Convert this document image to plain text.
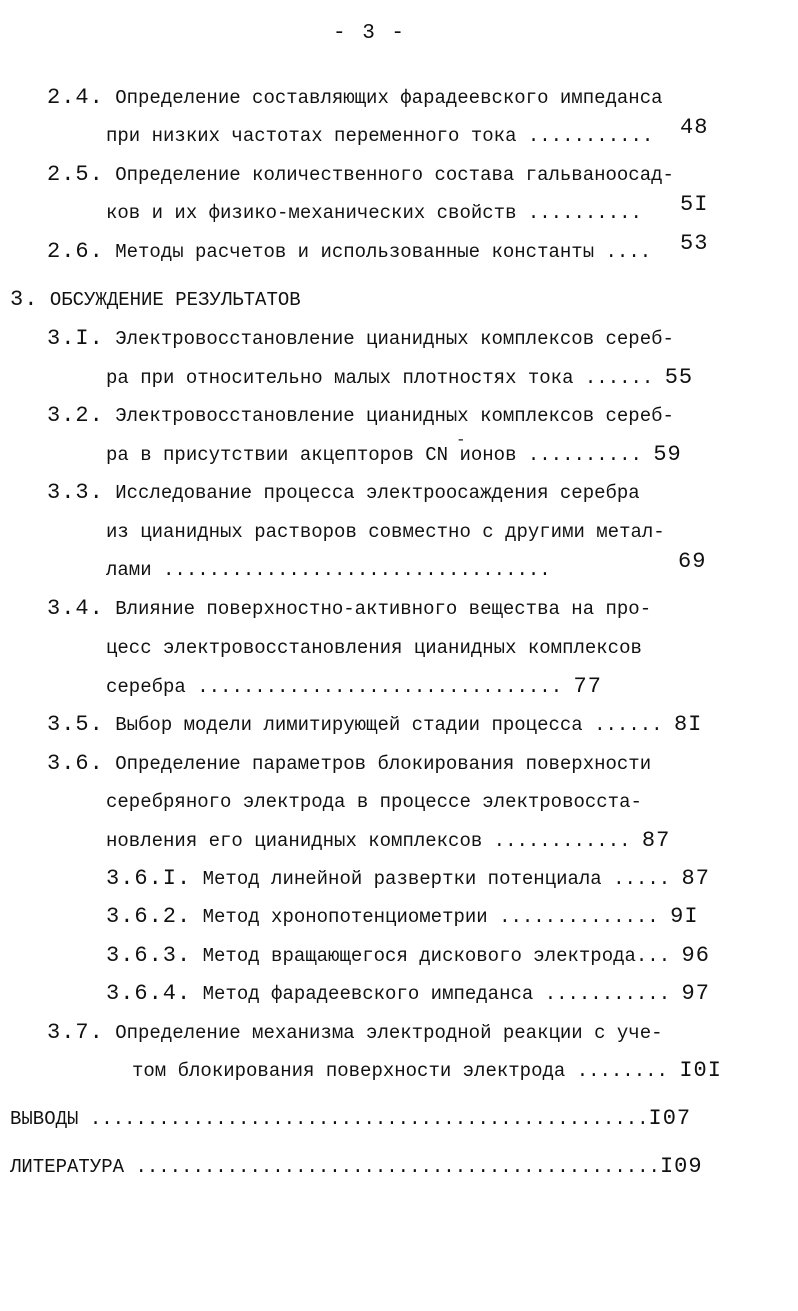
- 3 -
2.4. Определение составляющих фарадеевского импеданса
при низких частотах переменного тока ........... 48
2.5. Определение количественного состава гальваноосад-
ков и их физико-механических свойств .......... 5I
2.6. Методы расчетов и использованные константы .... 53
3. ОБСУЖДЕНИЕ РЕЗУЛЬТАТОВ
3.I. Электровосстановление цианидных комплексов сереб-
ра при относительно малых плотностях тока ...... 55
3.2. Электровосстановление цианидных комплексов сереб-
ра в присутствии акцепторов CN ионов .......... 59
-
3.3. Исследование процесса электроосаждения серебра
из цианидных растворов совместно с другими метал-
лами ..................................	69
3.4. Влияние поверхностно-активного вещества на про-
цесс электровосстановления цианидных комплексов
серебра ................................ 77
3.5. Выбор модели лимитирующей стадии процесса ...... 8I
3.6. Определение параметров блокирования поверхности
серебряного электрода в процессе электровосста-
новления его цианидных комплексов ............ 87
3.6.I. Метод линейной развертки потенциала ..... 87
3.6.2. Метод хронопотенциометрии .............. 9I
3.6.3. Метод вращающегося дискового электрода... 96
3.6.4. Метод фарадеевского импеданса ........... 97
3.7. Определение механизма электродной реакции с уче-
том блокирования поверхности электрода ........ I0I
ВЫВОДЫ .................................................I07
ЛИТЕРАТУРА ..............................................I09
